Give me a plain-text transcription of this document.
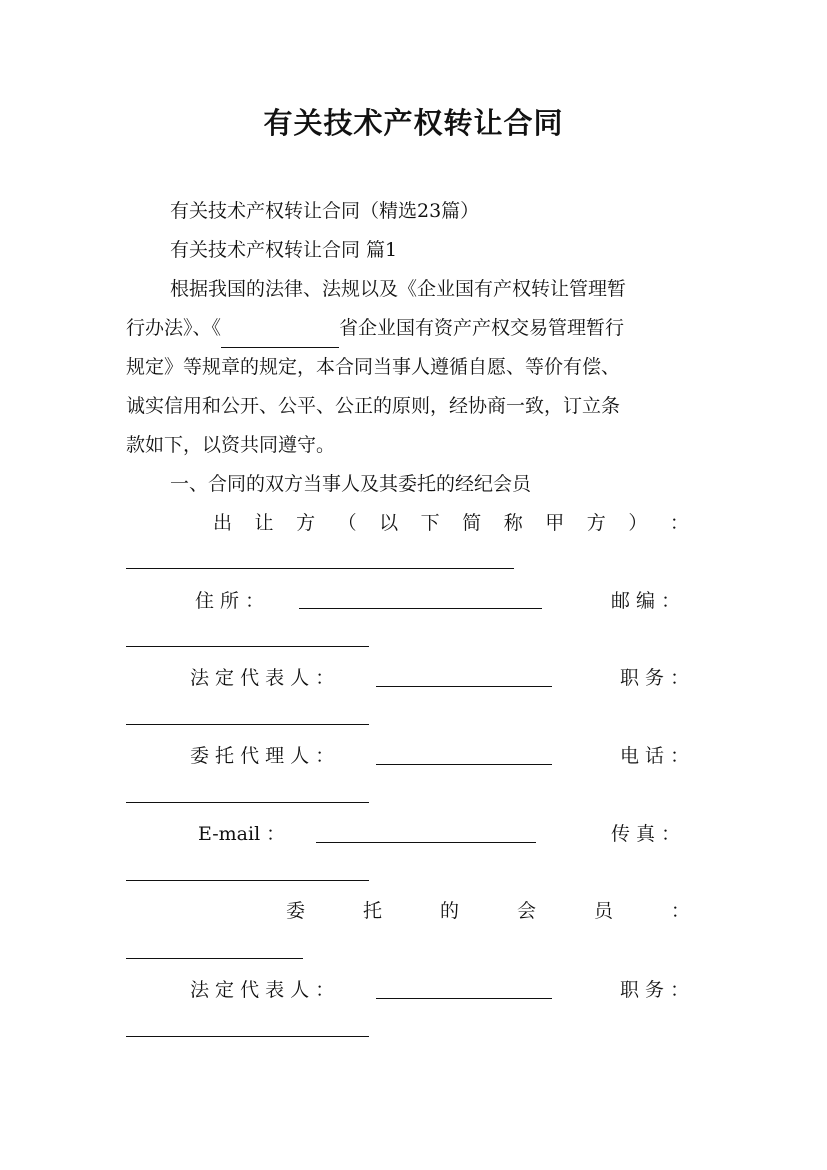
有关技术产权转让合同
有关技术产权转让合同（精选23篇）
有关技术产权转让合同 篇1
根据我国的法律、法规以及《企业国有产权转让管理暂
行办法》、《	省企业国有资产产权交易管理暂行
规定》等规章的规定，本合同当事人遵循自愿、等价有偿、
诚实信用和公开、公平、公正的原则，经协商一致，订立条
款如下，以资共同遵守。
一、合同的双方当事人及其委托的经纪会员
出 让 方 （ 以 下 简 称 甲 方 ） ：
住 所 ：	邮 编 ：
法 定 代 表 人 ：	职 务 ：
委 托 代 理 人 ：	电 话 ：
E-mail ：	传 真 ：
委	托	的	会	员	：
法 定 代 表 人 ：	职 务 ：
